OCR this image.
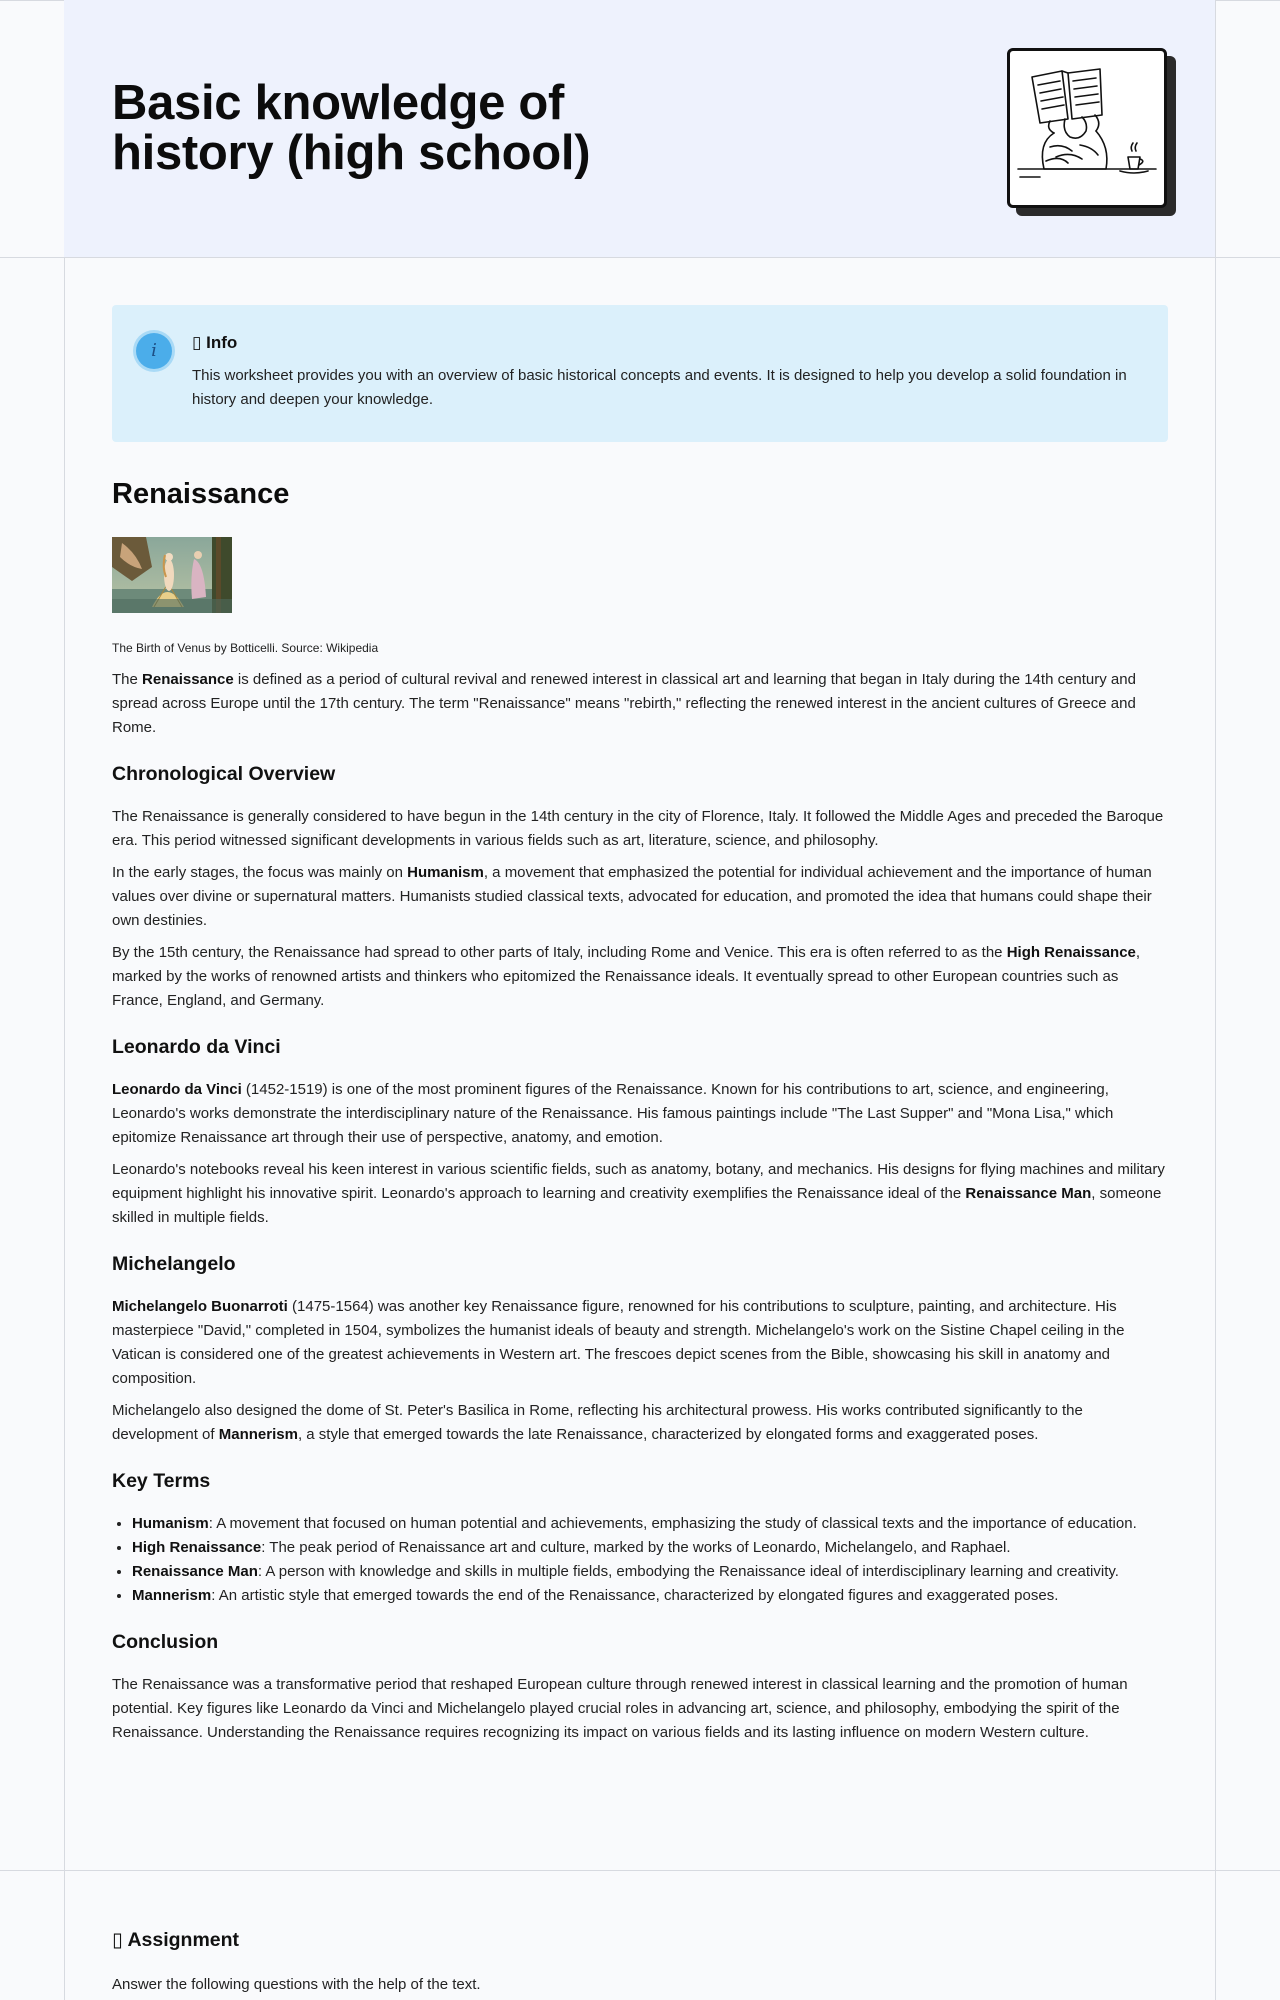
Basic knowledge of
history (high school)
i	▯ Info
This worksheet provides you with an overview of basic historical concepts and events. It is designed to help you develop a solid foundation in history and deepen your knowledge.
Renaissance
The Birth of Venus by Botticelli. Source: Wikipedia

The Renaissance is defined as a period of cultural revival and renewed interest in classical art and learning that began in Italy during the 14th century and spread across Europe until the 17th century. The term "Renaissance" means "rebirth," reflecting the renewed interest in the ancient cultures of Greece and Rome.

Chronological Overview

The Renaissance is generally considered to have begun in the 14th century in the city of Florence, Italy. It followed the Middle Ages and preceded the Baroque era. This period witnessed significant developments in various fields such as art, literature, science, and philosophy.

In the early stages, the focus was mainly on Humanism, a movement that emphasized the potential for individual achievement and the importance of human values over divine or supernatural matters. Humanists studied classical texts, advocated for education, and promoted the idea that humans could shape their own destinies.

By the 15th century, the Renaissance had spread to other parts of Italy, including Rome and Venice. This era is often referred to as the High Renaissance, marked by the works of renowned artists and thinkers who epitomized the Renaissance ideals. It eventually spread to other European countries such as France, England, and Germany.

Leonardo da Vinci

Leonardo da Vinci (1452-1519) is one of the most prominent figures of the Renaissance. Known for his contributions to art, science, and engineering, Leonardo's works demonstrate the interdisciplinary nature of the Renaissance. His famous paintings include "The Last Supper" and "Mona Lisa," which epitomize Renaissance art through their use of perspective, anatomy, and emotion.

Leonardo's notebooks reveal his keen interest in various scientific fields, such as anatomy, botany, and mechanics. His designs for flying machines and military equipment highlight his innovative spirit. Leonardo's approach to learning and creativity exemplifies the Renaissance ideal of the Renaissance Man, someone skilled in multiple fields.

Michelangelo

Michelangelo Buonarroti (1475-1564) was another key Renaissance figure, renowned for his contributions to sculpture, painting, and architecture. His masterpiece "David," completed in 1504, symbolizes the humanist ideals of beauty and strength. Michelangelo's work on the Sistine Chapel ceiling in the Vatican is considered one of the greatest achievements in Western art. The frescoes depict scenes from the Bible, showcasing his skill in anatomy and composition.

Michelangelo also designed the dome of St. Peter's Basilica in Rome, reflecting his architectural prowess. His works contributed significantly to the development of Mannerism, a style that emerged towards the late Renaissance, characterized by elongated forms and exaggerated poses.

Key Terms
• Humanism: A movement that focused on human potential and achievements, emphasizing the study of classical texts and the importance of education.
• High Renaissance: The peak period of Renaissance art and culture, marked by the works of Leonardo, Michelangelo, and Raphael.
• Renaissance Man: A person with knowledge and skills in multiple fields, embodying the Renaissance ideal of interdisciplinary learning and creativity.
• Mannerism: An artistic style that emerged towards the end of the Renaissance, characterized by elongated figures and exaggerated poses.
Conclusion

The Renaissance was a transformative period that reshaped European culture through renewed interest in classical learning and the promotion of human potential. Key figures like Leonardo da Vinci and Michelangelo played crucial roles in advancing art, science, and philosophy, embodying the spirit of the Renaissance. Understanding the Renaissance requires recognizing its impact on various fields and its lasting influence on modern Western culture.

▯ Assignment
Answer the following questions with the help of the text.
